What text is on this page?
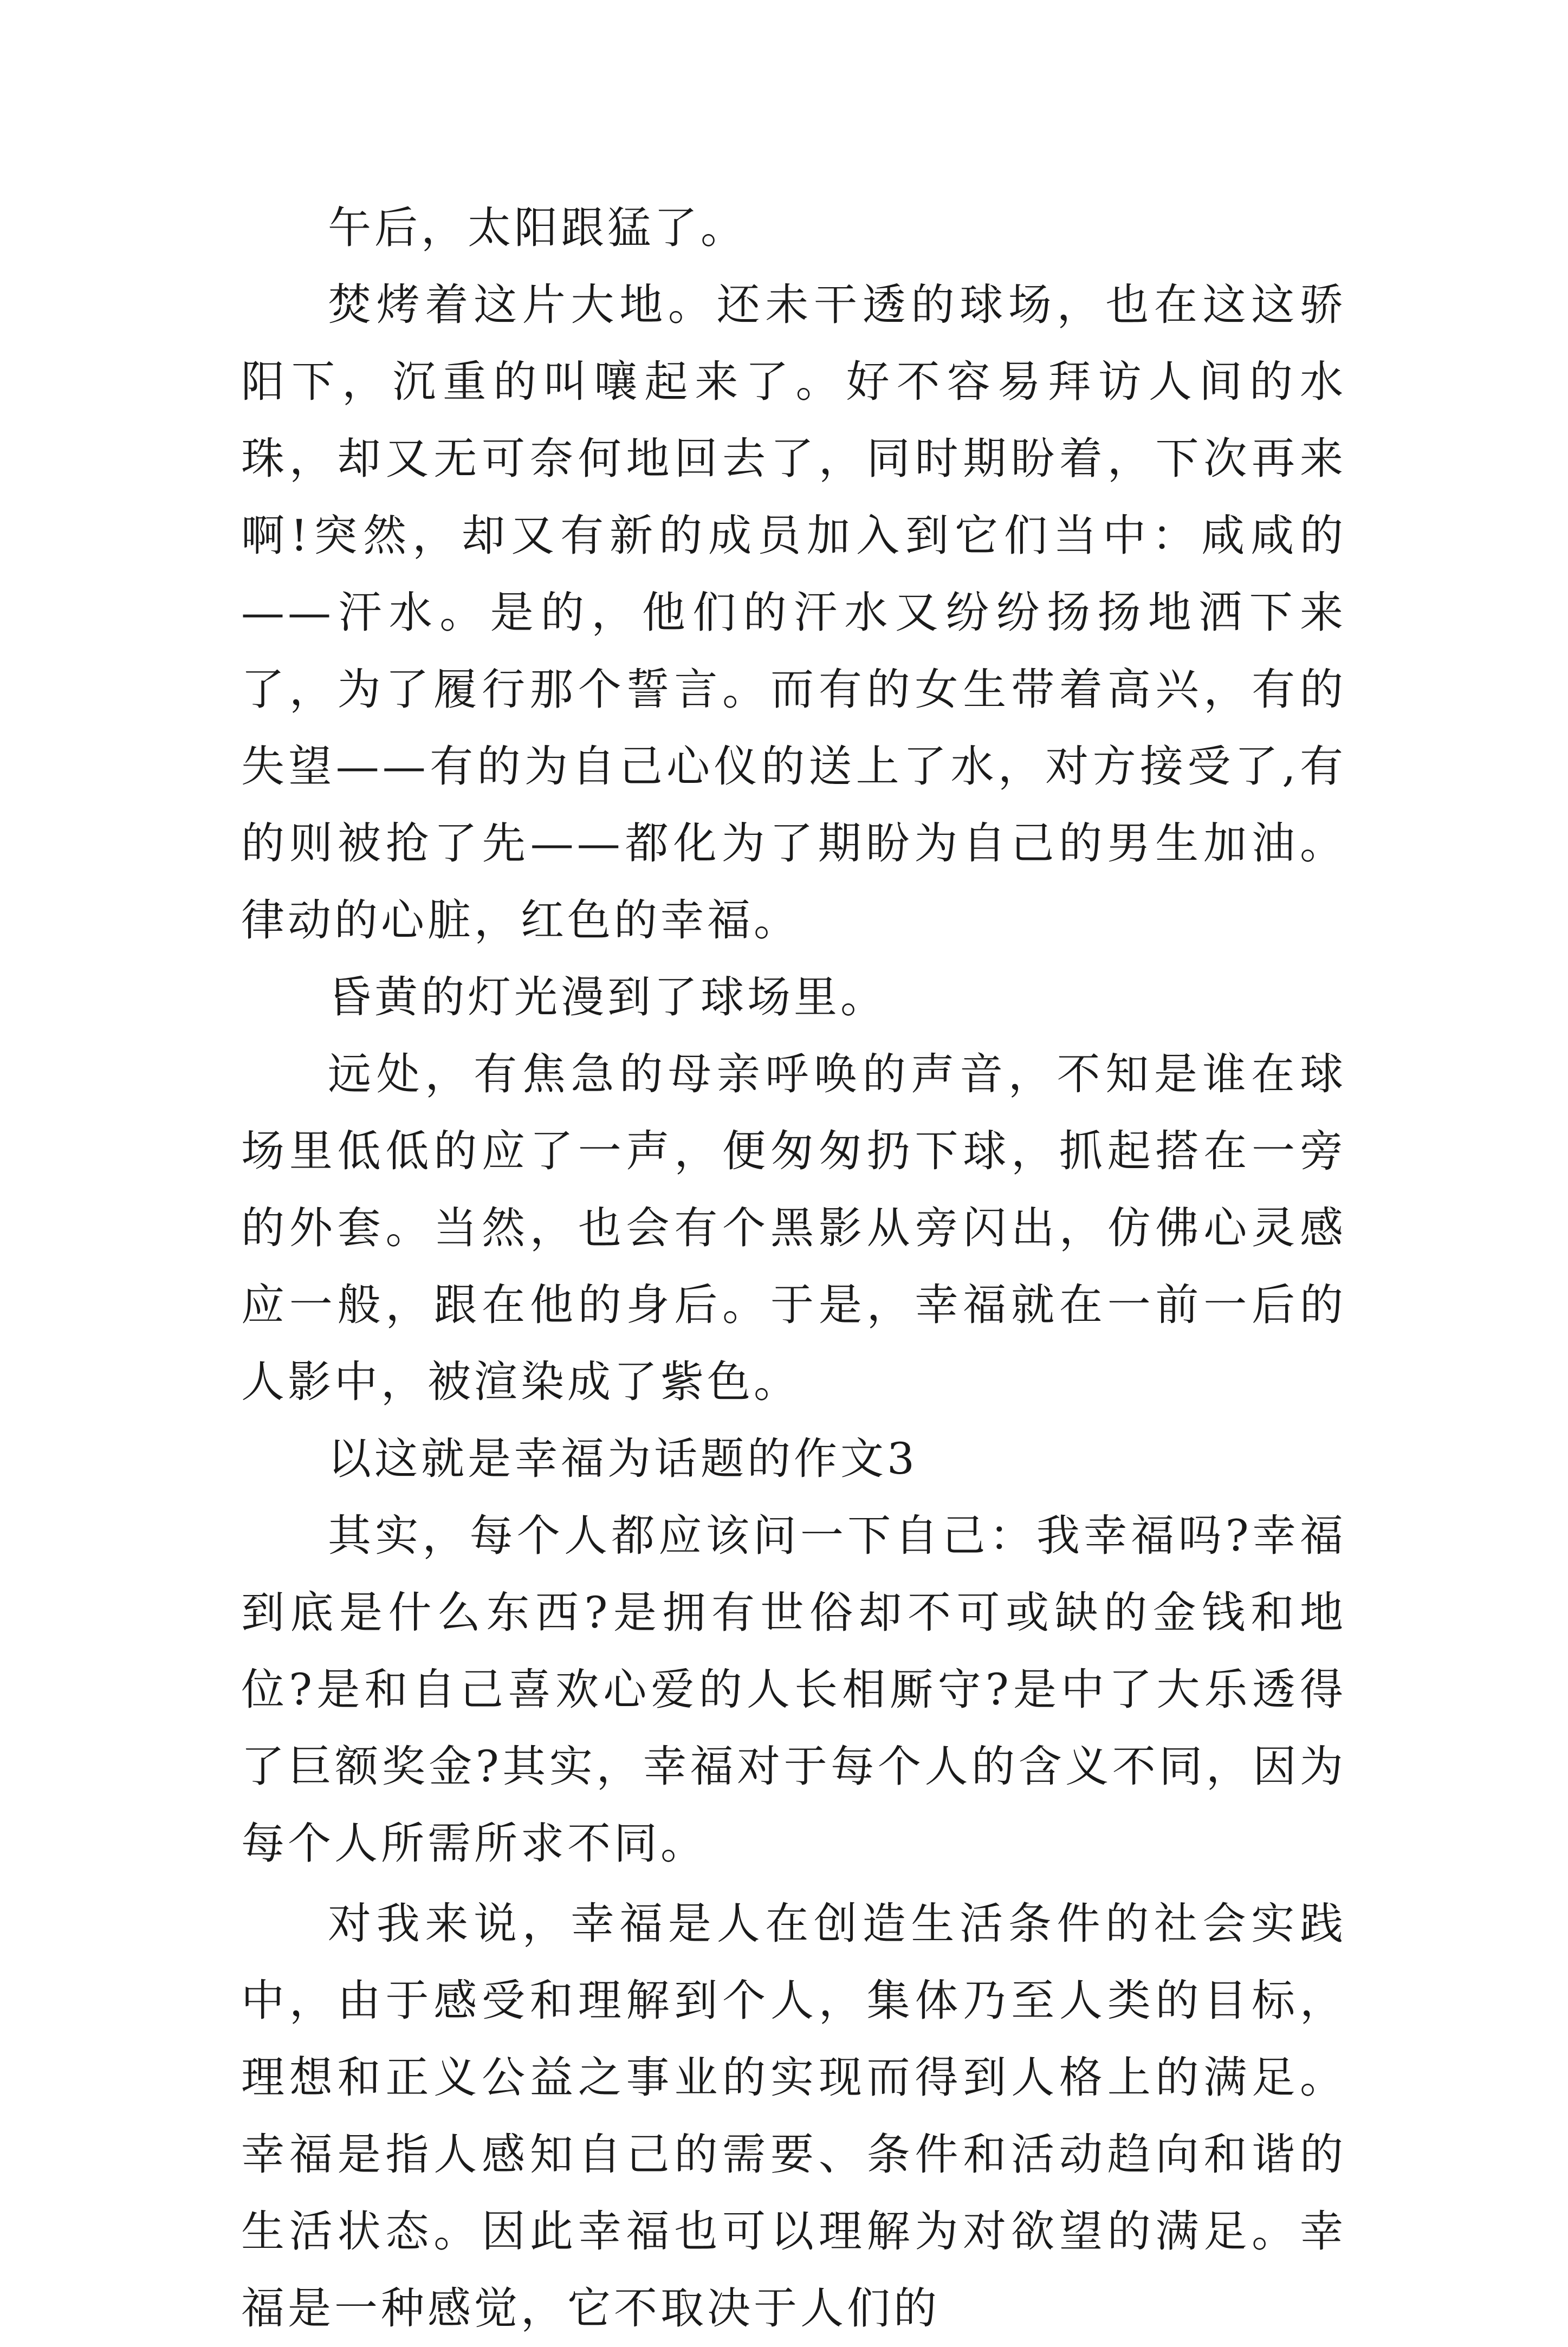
午后，太阳跟猛了。

焚烤着这片大地。还未干透的球场，也在这这骄阳下，沉重的叫嚷起来了。好不容易拜访人间的水珠，却又无可奈何地回去了，同时期盼着，下次再来啊!突然，却又有新的成员加入到它们当中：咸咸的——汗水。是的，他们的汗水又纷纷扬扬地洒下来了，为了履行那个誓言。而有的女生带着高兴，有的失望——有的为自己心仪的送上了水，对方接受了,有的则被抢了先——都化为了期盼为自己的男生加油。律动的心脏，红色的幸福。

昏黄的灯光漫到了球场里。

远处，有焦急的母亲呼唤的声音，不知是谁在球场里低低的应了一声，便匆匆扔下球，抓起搭在一旁的外套。当然，也会有个黑影从旁闪出，仿佛心灵感应一般，跟在他的身后。于是，幸福就在一前一后的人影中，被渲染成了紫色。

以这就是幸福为话题的作文3

其实，每个人都应该问一下自己：我幸福吗?幸福到底是什么东西?是拥有世俗却不可或缺的金钱和地位?是和自己喜欢心爱的人长相厮守?是中了大乐透得了巨额奖金?其实，幸福对于每个人的含义不同，因为每个人所需所求不同。

对我来说，幸福是人在创造生活条件的社会实践中，由于感受和理解到个人，集体乃至人类的目标，理想和正义公益之事业的实现而得到人格上的满足。幸福是指人感知自己的需要、条件和活动趋向和谐的生活状态。因此幸福也可以理解为对欲望的满足。幸福是一种感觉，它不取决于人们的
